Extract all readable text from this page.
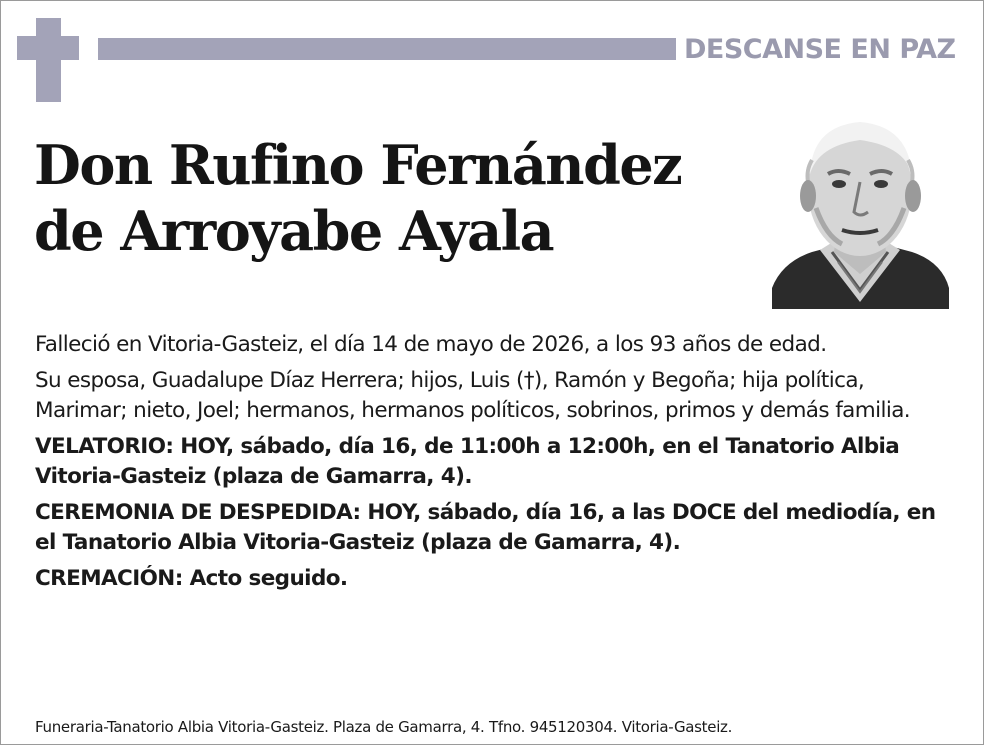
DESCANSE EN PAZ
Don Rufino Fernández
de Arroyabe Ayala

Falleció en Vitoria-Gasteiz, el día 14 de mayo de 2026, a los 93 años de edad.

Su esposa, Guadalupe Díaz Herrera; hijos, Luis (†), Ramón y Begoña; hija política, Marimar; nieto, Joel; hermanos, hermanos políticos, sobrinos, primos y demás familia.

VELATORIO: HOY, sábado, día 16, de 11:00h a 12:00h, en el Tanatorio Albia Vitoria-Gasteiz (plaza de Gamarra, 4).

CEREMONIA DE DESPEDIDA: HOY, sábado, día 16, a las DOCE del mediodía, en el Tanatorio Albia Vitoria-Gasteiz (plaza de Gamarra, 4).

CREMACIÓN: Acto seguido.

Funeraria-Tanatorio Albia Vitoria-Gasteiz. Plaza de Gamarra, 4. Tfno. 945120304. Vitoria-Gasteiz.
